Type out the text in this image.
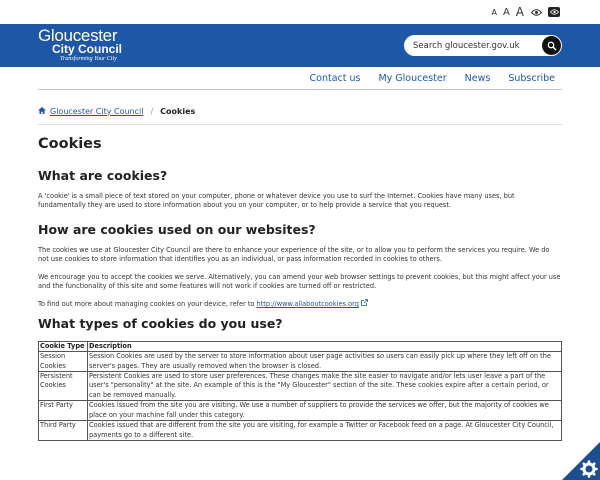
A A A
Gloucester
City Council
Transforming Your City
Search gloucester.gov.uk
Contact us My Gloucester News Subscribe
Gloucester City Council / Cookies
Cookies
What are cookies?

A 'cookie' is a small piece of text stored on your computer, phone or whatever device you use to surf the Internet. Cookies have many uses, but fundamentally they are used to store information about you on your computer, or to help provide a service that you request.

How are cookies used on our websites?

The cookies we use at Gloucester City Council are there to enhance your experience of the site, or to allow you to perform the services you require. We do not use cookies to store information that identifies you as an individual, or pass information recorded in cookies to others.

We encourage you to accept the cookies we serve. Alternatively, you can amend your web browser settings to prevent cookies, but this might affect your use and the functionality of this site and some features will not work if cookies are turned off or restricted.

To find out more about managing cookies on your device, refer to http://www.allaboutcookies.org

What types of cookies do you use?
Cookie Type	Description
Session Cookies	Session Cookies are used by the server to store information about user page activities so users can easily pick up where they left off on the server's pages. They are usually removed when the browser is closed.
Persistent Cookies	Persistent Cookies are used to store user preferences. These changes make the site easier to navigate and/or lets user leave a part of the user's "personality" at the site. An example of this is the "My Gloucester" section of the site. These cookies expire after a certain period, or can be removed manually.
First Party	Cookies issued from the site you are visiting. We use a number of suppliers to provide the services we offer, but the majority of cookies we place on your machine fall under this category.
Third Party	Cookies issued that are different from the site you are visiting, for example a Twitter or Facebook feed on a page. At Gloucester City Council, payments go to a different site.
